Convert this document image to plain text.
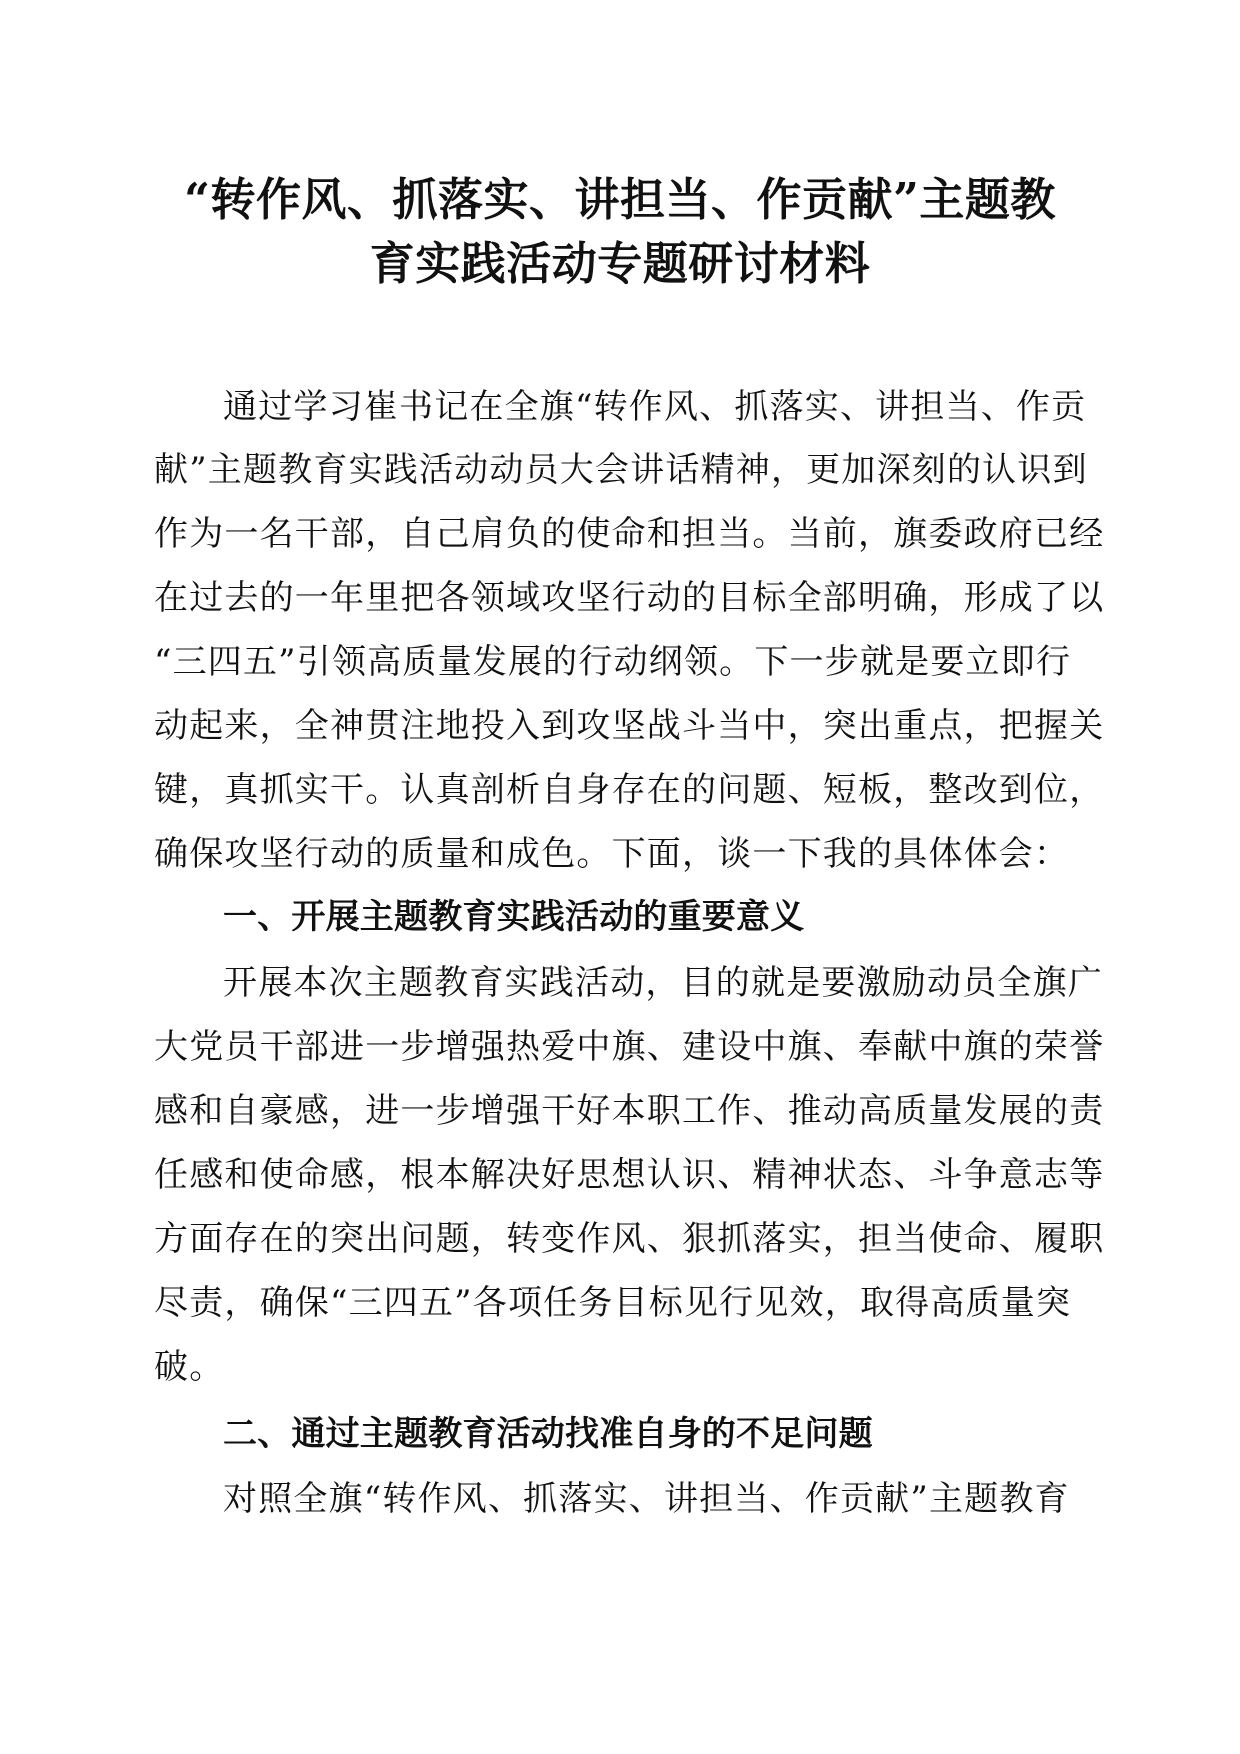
“转作风、抓落实、讲担当、作贡献”主题教
育实践活动专题研讨材料

通过学习崔书记在全旗“转作风、抓落实、讲担当、作贡

献”主题教育实践活动动员大会讲话精神，更加深刻的认识到

作为一名干部，自己肩负的使命和担当。当前，旗委政府已经

在过去的一年里把各领域攻坚行动的目标全部明确，形成了以

“三四五”引领高质量发展的行动纲领。下一步就是要立即行

动起来，全神贯注地投入到攻坚战斗当中，突出重点，把握关

键，真抓实干。认真剖析自身存在的问题、短板，整改到位，

确保攻坚行动的质量和成色。下面，谈一下我的具体体会：

一、开展主题教育实践活动的重要意义

开展本次主题教育实践活动，目的就是要激励动员全旗广

大党员干部进一步增强热爱中旗、建设中旗、奉献中旗的荣誉

感和自豪感，进一步增强干好本职工作、推动高质量发展的责

任感和使命感，根本解决好思想认识、精神状态、斗争意志等

方面存在的突出问题，转变作风、狠抓落实，担当使命、履职

尽责，确保“三四五”各项任务目标见行见效，取得高质量突

破。

二、通过主题教育活动找准自身的不足问题

对照全旗“转作风、抓落实、讲担当、作贡献”主题教育
